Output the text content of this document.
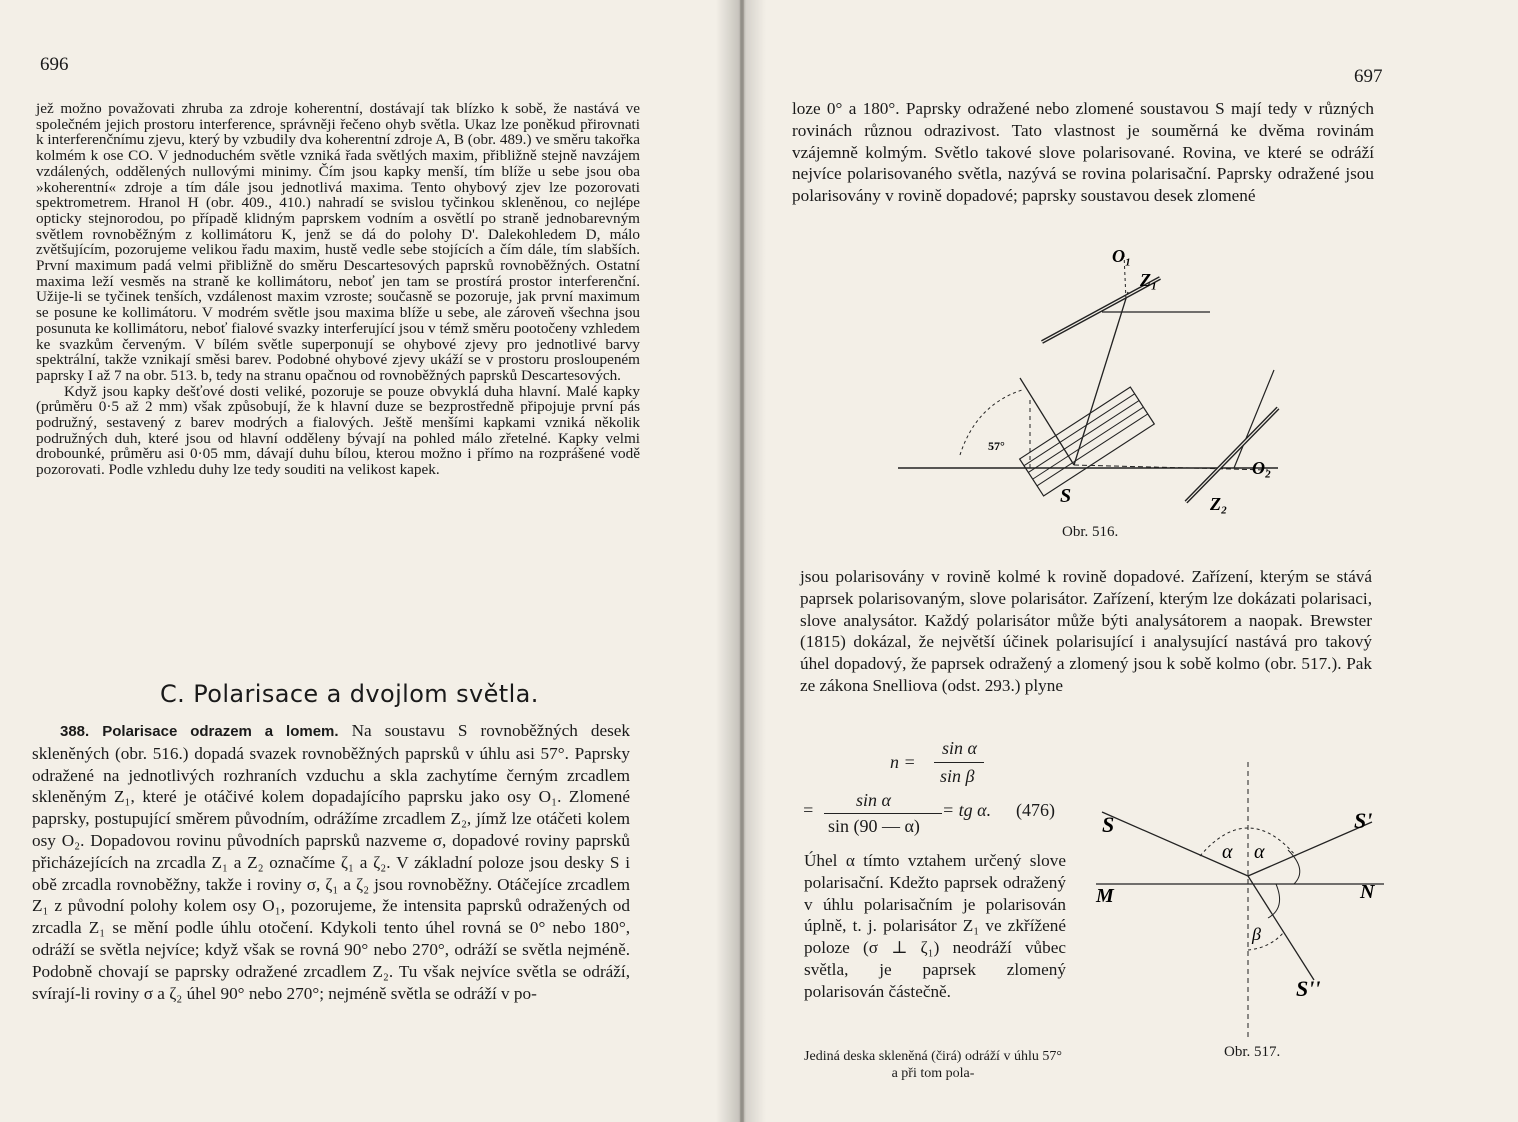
696

jež možno považovati zhruba za zdroje koherentní, dostávají tak blízko k sobě, že nastává ve společném jejich prostoru interference, správněji řečeno ohyb světla. Ukaz lze poněkud přirovnati k interferenčnímu zjevu, který by vzbudily dva koherentní zdroje A, B (obr. 489.) ve směru takořka kolmém k ose CO. V jednoduchém světle vzniká řada světlých maxim, přibližně stejně navzájem vzdálených, oddělených nullovými minimy. Čím jsou kapky menší, tím blíže u sebe jsou oba »koherentní« zdroje a tím dále jsou jednotlivá maxima. Tento ohybový zjev lze pozorovati spektrometrem. Hranol H (obr. 409., 410.) nahradí se svislou tyčinkou skleněnou, co nejlépe opticky stejnorodou, po případě klidným paprskem vodním a osvětlí po straně jednobarevným světlem rovnoběžným z kollimátoru K, jenž se dá do polohy D'. Dalekohledem D, málo zvětšujícím, pozorujeme velikou řadu maxim, hustě vedle sebe stojících a čím dále, tím slabších. První maximum padá velmi přibližně do směru Descartesových paprsků rovnoběžných. Ostatní maxima leží vesměs na straně ke kollimátoru, neboť jen tam se prostírá prostor interferenční. Užije-li se tyčinek tenších, vzdálenost maxim vzroste; současně se pozoruje, jak první maximum se posune ke kollimátoru. V modrém světle jsou maxima blíže u sebe, ale zároveň všechna jsou posunuta ke kollimátoru, neboť fialové svazky interferující jsou v témž směru pootočeny vzhledem ke svazkům červeným. V bílém světle superponují se ohybové zjevy pro jednotlivé barvy spektrální, takže vznikají směsi barev. Podobné ohybové zjevy ukáží se v prostoru prosloupeném paprsky I až 7 na obr. 513. b, tedy na stranu opačnou od rovnoběžných paprsků Descartesových.

Když jsou kapky dešťové dosti veliké, pozoruje se pouze obvyklá duha hlavní. Malé kapky (průměru 0·5 až 2 mm) však způsobují, že k hlavní duze se bezprostředně připojuje první pás podružný, sestavený z barev modrých a fialových. Ještě menšími kapkami vzniká několik podružných duh, které jsou od hlavní odděleny bývají na pohled málo zřetelné. Kapky velmi drobounké, průměru asi 0·05 mm, dávají duhu bílou, kterou možno i přímo na rozprášené vodě pozorovati. Podle vzhledu duhy lze tedy souditi na velikost kapek.

C. Polarisace a dvojlom světla.

388. Polarisace odrazem a lomem. Na soustavu S rovnoběžných desek skleněných (obr. 516.) dopadá svazek rovnoběžných paprsků v úhlu asi 57°. Paprsky odražené na jednotlivých rozhraních vzduchu a skla zachytíme černým zrcadlem skleněným Z₁, které je otáčivé kolem dopadajícího paprsku jako osy O₁. Zlomené paprsky, postupující směrem původním, odrážíme zrcadlem Z₂, jímž lze otáčeti kolem osy O₂. Dopadovou rovinu původních paprsků nazveme σ, dopadové roviny paprsků přicházejících na zrcadla Z₁ a Z₂ označíme ζ₁ a ζ₂. V základní poloze jsou desky S i obě zrcadla rovnoběžny, takže i roviny σ, ζ₁ a ζ₂ jsou rovnoběžny. Otáčejíce zrcadlem Z₁ z původní polohy kolem osy O₁, pozorujeme, že intensita paprsků odražených od zrcadla Z₁ se mění podle úhlu otočení. Kdykoli tento úhel rovná se 0° nebo 180°, odráží se světla nejvíce; když však se rovná 90° nebo 270°, odráží se světla nejméně. Podobně chovají se paprsky odražené zrcadlem Z₂. Tu však nejvíce světla se odráží, svírají-li roviny σ a ζ₂ úhel 90° nebo 270°; nejméně světla se odráží v po-

697

loze 0° a 180°. Paprsky odražené nebo zlomené soustavou S mají tedy v různých rovinách různou odrazivost. Tato vlastnost je souměrná ke dvěma rovinám vzájemně kolmým. Světlo takové slove polarisované. Rovina, ve které se odráží nejvíce polarisovaného světla, nazývá se rovina polarisační. Paprsky odražené jsou polarisovány v rovině dopadové; paprsky soustavou desek zlomené

O₁
Z₁
O₂
Z₂
S
57°
Obr. 516.

jsou polarisovány v rovině kolmé k rovině dopadové. Zařízení, kterým se stává paprsek polarisovaným, slove polarisátor. Zařízení, kterým lze dokázati polarisaci, slove analysátor. Každý polarisátor může býti analysátorem a naopak. Brewster (1815) dokázal, že největší účinek polarisující i analysující nastává pro takový úhel dopadový, že paprsek odražený a zlomený jsou k sobě kolmo (obr. 517.). Pak ze zákona Snelliova (odst. 293.) plyne

n =
sin α
sin β
= sin α
sin (90 — α)
= tg α. (476)

Úhel α tímto vztahem určený slove polarisační. Kdežto paprsek odražený v úhlu polarisačním je polarisován úplně, t. j. polarisátor Z₁ ve zkřížené poloze (σ ⊥ ζ₁) neodráží vůbec světla, je paprsek zlomený polarisován částečně.

Jediná deska skleněná (čirá) odráží v úhlu 57° a při tom pola-
S	S'
S''
M	N
α α
β
Obr. 517.
